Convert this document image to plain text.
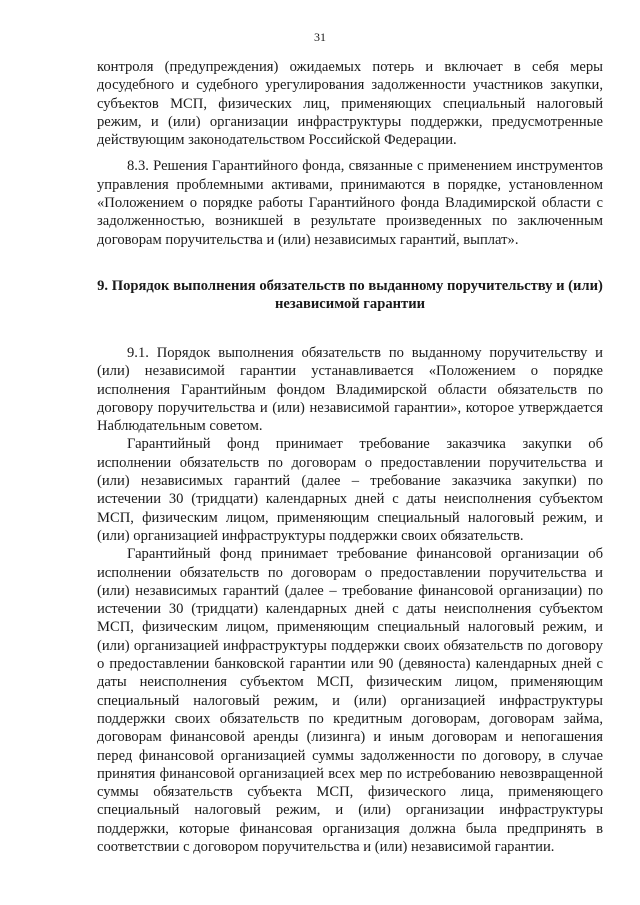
31

контроля (предупреждения) ожидаемых потерь и включает в себя меры досудебного и судебного урегулирования задолженности участников закупки, субъектов МСП, физических лиц, применяющих специальный налоговый режим, и (или) организации инфраструктуры поддержки, предусмотренные действующим законодательством Российской Федерации.

8.3. Решения Гарантийного фонда, связанные с применением инструментов управления проблемными активами, принимаются в порядке, установленном «Положением о порядке работы Гарантийного фонда Владимирской области с задолженностью, возникшей в результате произведенных по заключенным договорам поручительства и (или) независимых гарантий, выплат».

9. Порядок выполнения обязательств по выданному поручительству и (или) независимой гарантии

9.1. Порядок выполнения обязательств по выданному поручительству и (или) независимой гарантии устанавливается «Положением о порядке исполнения Гарантийным фондом Владимирской области обязательств по договору поручительства и (или) независимой гарантии», которое утверждается Наблюдательным советом.

Гарантийный фонд принимает требование заказчика закупки об исполнении обязательств по договорам о предоставлении поручительства и (или) независимых гарантий (далее – требование заказчика закупки) по истечении 30 (тридцати) календарных дней с даты неисполнения субъектом МСП, физическим лицом, применяющим специальный налоговый режим, и (или) организацией инфраструктуры поддержки своих обязательств.

Гарантийный фонд принимает требование финансовой организации об исполнении обязательств по договорам о предоставлении поручительства и (или) независимых гарантий (далее – требование финансовой организации) по истечении 30 (тридцати) календарных дней с даты неисполнения субъектом МСП, физическим лицом, применяющим специальный налоговый режим, и (или) организацией инфраструктуры поддержки своих обязательств по договору о предоставлении банковской гарантии или 90 (девяноста) календарных дней с даты неисполнения субъектом МСП, физическим лицом, применяющим специальный налоговый режим, и (или) организацией инфраструктуры поддержки своих обязательств по кредитным договорам, договорам займа, договорам финансовой аренды (лизинга) и иным договорам и непогашения перед финансовой организацией суммы задолженности по договору, в случае принятия финансовой организацией всех мер по истребованию невозвращенной суммы обязательств субъекта МСП, физического лица, применяющего специальный налоговый режим, и (или) организации инфраструктуры поддержки, которые финансовая организация должна была предпринять в соответствии с договором поручительства и (или) независимой гарантии.
